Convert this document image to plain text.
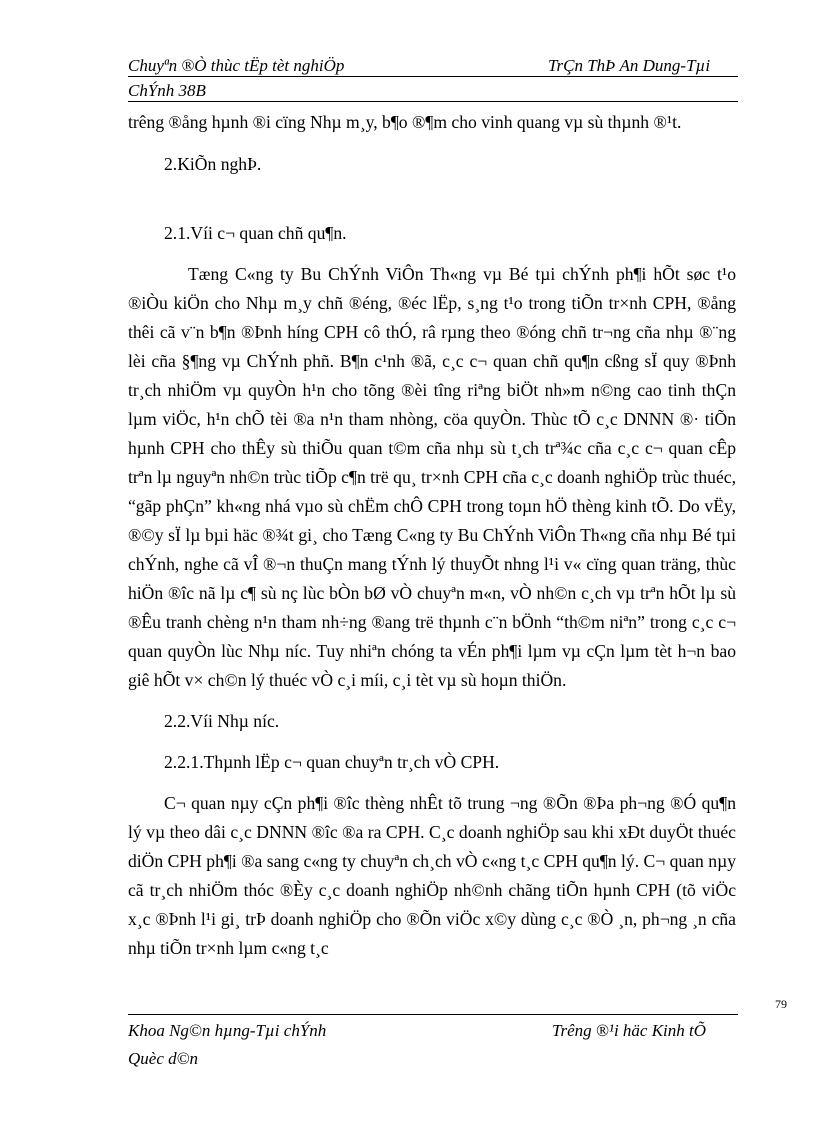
Chuyªn ®Ò thùc tËp tèt nghiÖp	TrÇn ThÞ An Dung-Tµi
ChÝnh 38B

trêng ®ång hµnh ®i cïng Nhµ m¸y, b¶o ®¶m cho vinh quang vµ sù thµnh ®¹t.

2.KiÕn nghÞ.

2.1.Víi c¬ quan chñ qu¶n.

Tæng C«ng ty Bu ChÝnh ViÔn Th«ng vµ Bé tµi chÝnh ph¶i hÕt søc t¹o ®iÒu kiÖn cho Nhµ m¸y chñ ®éng, ®éc lËp, s¸ng t¹o trong tiÕn tr×nh CPH, ®ång thêi cã v¨n b¶n ®Þnh híng CPH cô thÓ, râ rµng theo ®óng chñ tr¬ng cña nhµ ®¨ng lèi cña §¶ng vµ ChÝnh phñ. B¶n c¹nh ®ã, c¸c c¬ quan chñ qu¶n cßng sÏ quy ®Þnh tr¸ch nhiÖm vµ quyÒn h¹n cho tõng ®èi tîng riªng biÖt nh»m n©ng cao tinh thÇn lµm viÖc, h¹n chÕ tèi ®a n¹n tham nhòng, cöa quyÒn. Thùc tÕ c¸c DNNN ®· tiÕn hµnh CPH cho thÊy sù thiÕu quan t©m cña nhµ sù t¸ch trª¾c cña c¸c c¬ quan cÊp trªn lµ nguyªn nh©n trùc tiÕp c¶n trë qu¸ tr×nh CPH cña c¸c doanh nghiÖp trùc thuéc, “gãp phÇn” kh«ng nhá vµo sù chËm chÔ CPH trong toµn hÖ thèng kinh tÕ. Do vËy, ®©y sÏ lµ bµi häc ®¾t gi¸ cho Tæng C«ng ty Bu ChÝnh ViÔn Th«ng cña nhµ Bé tµi chÝnh, nghe cã vÎ ®¬n thuÇn mang tÝnh lý thuyÕt nhng l¹i v« cïng quan träng, thùc hiÖn ®îc nã lµ c¶ sù nç lùc bÒn bØ vÒ chuyªn m«n, vÒ nh©n c¸ch vµ trªn hÕt lµ sù ®Êu tranh chèng n¹n tham nh÷ng ®ang trë thµnh c¨n bÖnh “th©m niªn” trong c¸c c¬ quan quyÒn lùc Nhµ níc. Tuy nhiªn chóng ta vÉn ph¶i lµm vµ cÇn lµm tèt h¬n bao giê hÕt v× ch©n lý thuéc vÒ c¸i míi, c¸i tèt vµ sù hoµn thiÖn.

2.2.Víi Nhµ níc.

2.2.1.Thµnh lËp c¬ quan chuyªn tr¸ch vÒ CPH.

C¬ quan nµy cÇn ph¶i ®îc thèng nhÊt tõ trung ¬ng ®Õn ®Þa ph¬ng ®Ó qu¶n lý vµ theo dâi c¸c DNNN ®îc ®a ra CPH. C¸c doanh nghiÖp sau khi xÐt duyÖt thuéc diÖn CPH ph¶i ®a sang c«ng ty chuyªn ch¸ch vÒ c«ng t¸c CPH qu¶n lý. C¬ quan nµy cã tr¸ch nhiÖm thóc ®Èy c¸c doanh nghiÖp nh©nh chãng tiÕn hµnh CPH (tõ viÖc x¸c ®Þnh l¹i gi¸ trÞ doanh nghiÖp cho ®Õn viÖc x©y dùng c¸c ®Ò ¸n, ph¬ng ¸n cña nhµ tiÕn tr×nh lµm c«ng t¸c

79
Khoa Ng©n hµng-Tµi chÝnh	Trêng ®¹i häc Kinh tÕ
Quèc d©n
